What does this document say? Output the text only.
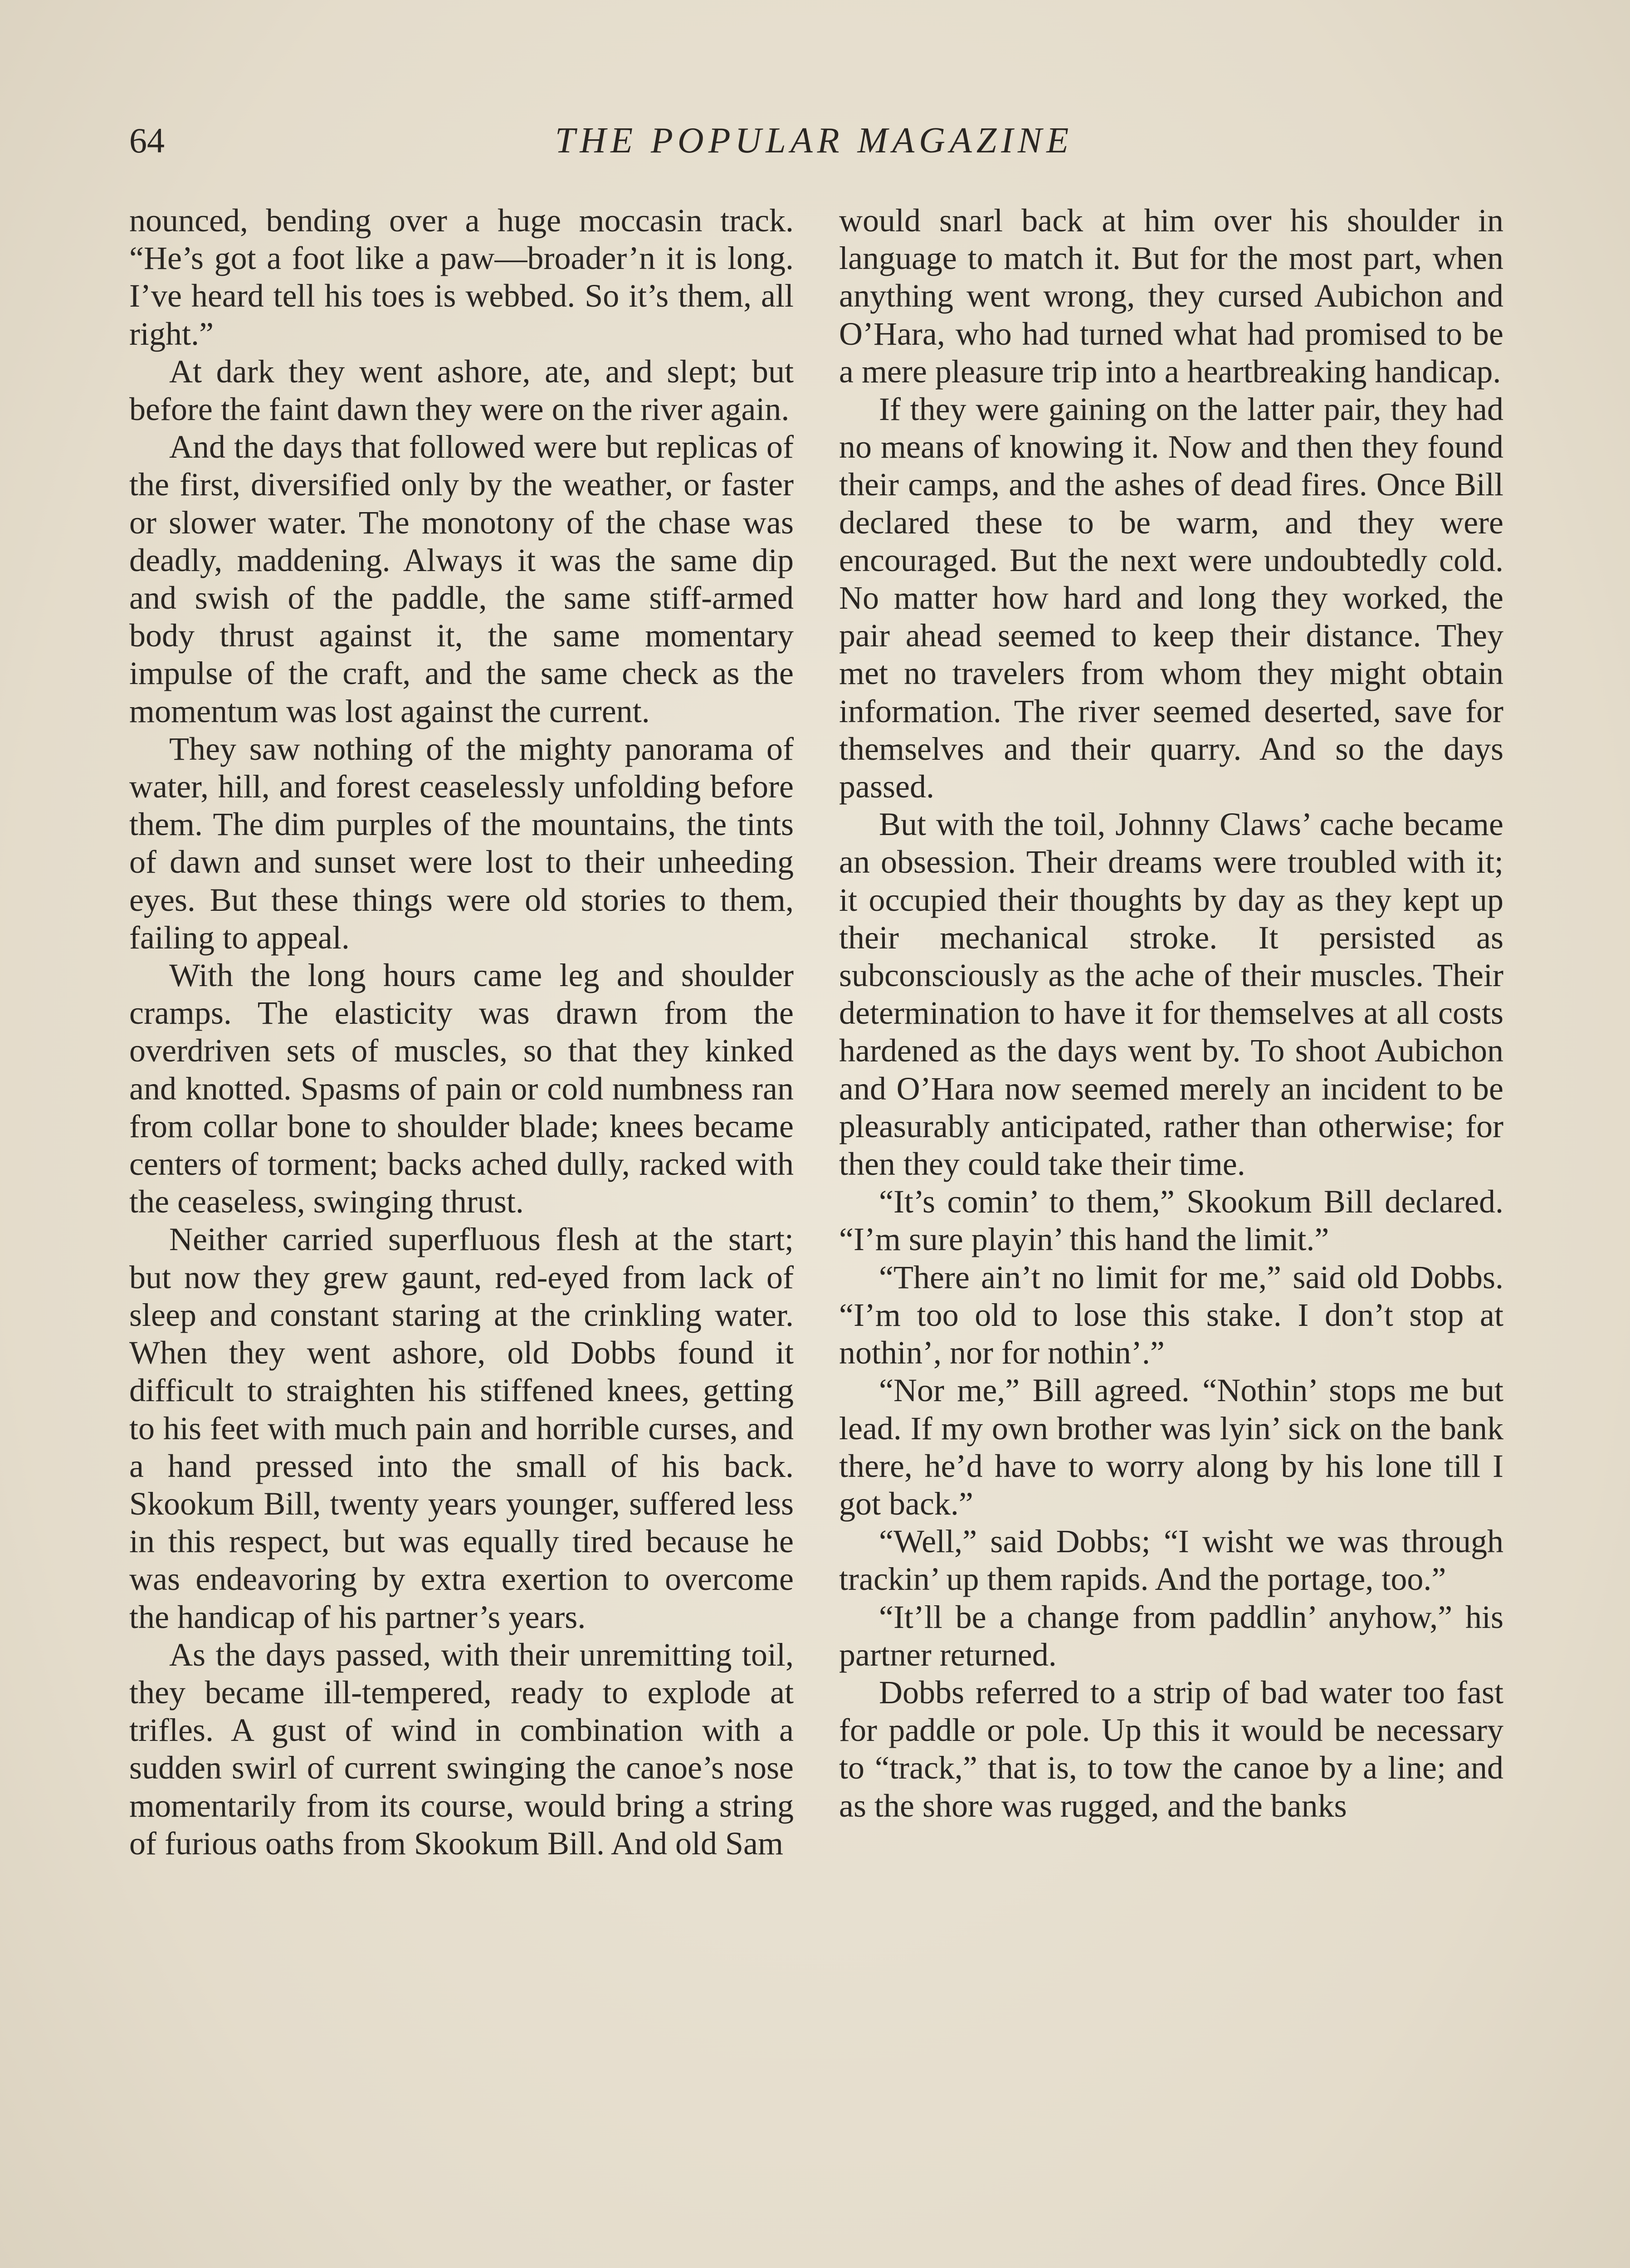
64	THE POPULAR MAGAZINE

nounced, bending over a huge moccasin track. “He’s got a foot like a paw—broader’n it is long. I’ve heard tell his toes is webbed. So it’s them, all right.”

At dark they went ashore, ate, and slept; but before the faint dawn they were on the river again.

And the days that followed were but replicas of the first, diversified only by the weather, or faster or slower water. The monotony of the chase was deadly, maddening. Always it was the same dip and swish of the paddle, the same stiff-armed body thrust against it, the same momentary impulse of the craft, and the same check as the momentum was lost against the current.

They saw nothing of the mighty panorama of water, hill, and forest ceaselessly unfolding before them. The dim purples of the mountains, the tints of dawn and sunset were lost to their unheeding eyes. But these things were old stories to them, failing to appeal.

With the long hours came leg and shoulder cramps. The elasticity was drawn from the overdriven sets of muscles, so that they kinked and knotted. Spasms of pain or cold numbness ran from collar bone to shoulder blade; knees became centers of torment; backs ached dully, racked with the ceaseless, swinging thrust.

Neither carried superfluous flesh at the start; but now they grew gaunt, red-eyed from lack of sleep and constant staring at the crinkling water. When they went ashore, old Dobbs found it difficult to straighten his stiffened knees, getting to his feet with much pain and horrible curses, and a hand pressed into the small of his back. Skookum Bill, twenty years younger, suffered less in this respect, but was equally tired because he was endeavoring by extra exertion to overcome the handicap of his partner’s years.

As the days passed, with their unremitting toil, they became ill-tempered, ready to explode at trifles. A gust of wind in combination with a sudden swirl of current swinging the canoe’s nose momentarily from its course, would bring a string of furious oaths from Skookum Bill. And old Sam

would snarl back at him over his shoulder in language to match it. But for the most part, when anything went wrong, they cursed Aubichon and O’Hara, who had turned what had promised to be a mere pleasure trip into a heartbreaking handicap.

If they were gaining on the latter pair, they had no means of knowing it. Now and then they found their camps, and the ashes of dead fires. Once Bill declared these to be warm, and they were encouraged. But the next were undoubtedly cold. No matter how hard and long they worked, the pair ahead seemed to keep their distance. They met no travelers from whom they might obtain information. The river seemed deserted, save for themselves and their quarry. And so the days passed.

But with the toil, Johnny Claws’ cache became an obsession. Their dreams were troubled with it; it occupied their thoughts by day as they kept up their mechanical stroke. It persisted as subconsciously as the ache of their muscles. Their determination to have it for themselves at all costs hardened as the days went by. To shoot Aubichon and O’Hara now seemed merely an incident to be pleasurably anticipated, rather than otherwise; for then they could take their time.

“It’s comin’ to them,” Skookum Bill declared. “I’m sure playin’ this hand the limit.”

“There ain’t no limit for me,” said old Dobbs. “I’m too old to lose this stake. I don’t stop at nothin’, nor for nothin’.”

“Nor me,” Bill agreed. “Nothin’ stops me but lead. If my own brother was lyin’ sick on the bank there, he’d have to worry along by his lone till I got back.”

“Well,” said Dobbs; “I wisht we was through trackin’ up them rapids. And the portage, too.”

“It’ll be a change from paddlin’ anyhow,” his partner returned.

Dobbs referred to a strip of bad water too fast for paddle or pole. Up this it would be necessary to “track,” that is, to tow the canoe by a line; and as the shore was rugged, and the banks
